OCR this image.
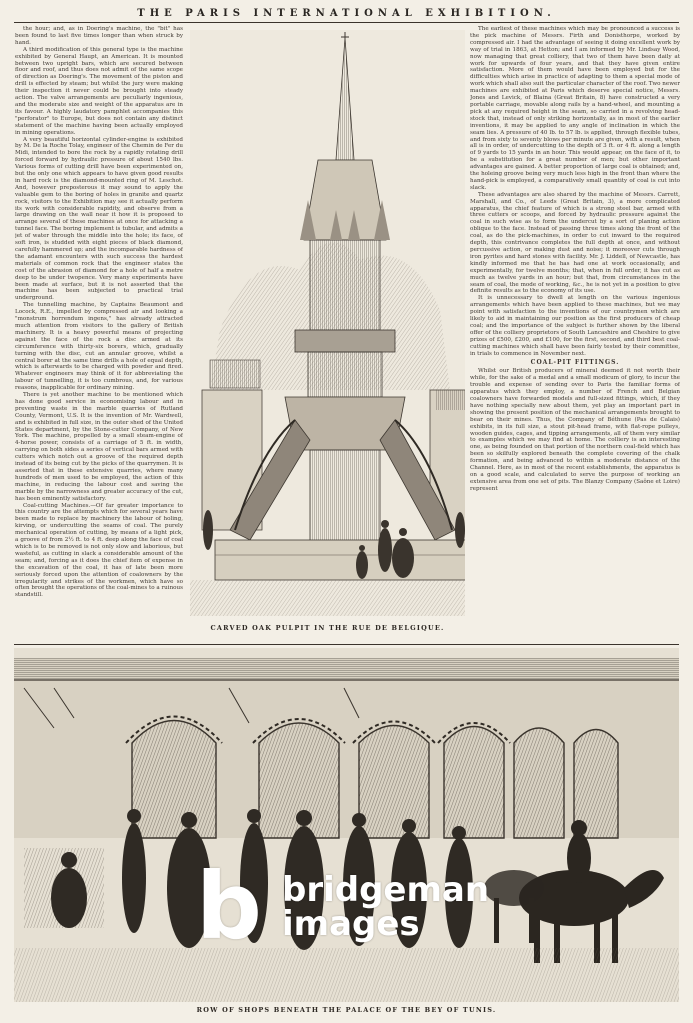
THE PARIS INTERNATIONAL EXHIBITION.

the hour; and, as in Doering's machine, the "bit" has been found to last five times longer than when struck by hand.

A third modification of this general type is the machine exhibited by General Haupt, an American. It is mounted between two upright bars, which are secured between floor and roof, and thus does not admit of the same scope of direction as Doering's. The movement of the piston and drill is effected by steam; but whilst the jury were making their inspection it never could be brought into steady action. The valve arrangements are peculiarly ingenious, and the moderate size and weight of the apparatus are in its favour. A highly laudatory pamphlet accompanies this "perforator" to Europe, but does not contain any distinct statement of the machine having been actually employed in mining operations.

A very beautiful horizontal cylinder-engine is exhibited by M. De la Roche Tolay, engineer of the Chemin de Fer du Midi, intended to bore the rock by a rapidly rotating drill forced forward by hydraulic pressure of about 1540 lbs. Various forms of cutting drill have been experimented on, but the only one which appears to have given good results in hard rock is the diamond-mounted ring of M. Leschot. And, however preposterous it may sound to apply the valuable gem to the boring of holes in granite and quartz rock, visitors to the Exhibition may see it actually perform its work with considerable rapidity, and observe from a large drawing on the wall near it how it is proposed to arrange several of these machines at once for attacking a tunnel face. The boring implement is tubular, and admits a jet of water through the middle into the hole; its face, of soft iron, is studded with eight pieces of black diamond, carefully hammered up; and the incomparable hardness of the adamant encounters with such success the hardest materials of common rock that the engineer states the cost of the abrasion of diamond for a hole of half a metre deep to be under twopence. Very many experiments have been made at surface, but it is not asserted that the machine has been subjected to practical trial underground.

The tunnelling machine, by Captains Beaumont and Locock, R.E., impelled by compressed air and looking a "monstrum horrendum ingens," has already attracted much attention from visitors to the gallery of British machinery. It is a heavy powerful means of projecting against the face of the rock a disc armed at its circumference with thirty-six borers, which, gradually turning with the disc, cut an annular groove, whilst a central borer at the same time drills a hole of equal depth, which is afterwards to be charged with powder and fired. Whatever engineers may think of it for abbreviating the labour of tunnelling, it is too cumbrous, and, for various reasons, inapplicable for ordinary mining.

There is yet another machine to be mentioned which has done good service in economising labour and in preventing waste in the marble quarries of Rutland County, Vermont, U.S. It is the invention of Mr. Wardwell, and is exhibited in full size, in the outer shed of the United States department, by the Stone-cutter Company, of New York. The machine, propelled by a small steam-engine of 4-horse power, consists of a carriage of 5 ft. in width, carrying on both sides a series of vertical bars armed with cutters which notch out a groove of the required depth instead of its being cut by the picks of the quarrymen. It is asserted that in these extensive quarries, where many hundreds of men used to be employed, the action of this machine, in reducing the labour cost and saving the marble by the narrowness and greater accuracy of the cut, has been eminently satisfactory.

Coal-cutting Machines.—Of far greater importance to this country are the attempts which for several years have been made to replace by machinery the labour of holing, kirving, or undercutting the seams of coal. The purely mechanical operation of cutting, by means of a light pick, a groove of from 2½ ft. to 4 ft. deep along the face of coal which is to be removed is not only slow and laborious, but wasteful, as cutting in slack a considerable amount of the seam; and, forcing as it does the chief item of expense in the excavation of the coal, it has of late been more seriously forced upon the attention of coalowners by the irregularity and strikes of the workmen, which have so often brought the operations of the coal-mines to a ruinous standstill.

The earliest of these machines which may be pronounced a success is the pick machine of Messrs. Firth and Donisthorpe, worked by compressed air. I had the advantage of seeing it doing excellent work by way of trial in 1863, at Hetton; and I am informed by Mr. Lindsay Wood, now managing that great colliery, that two of them have been daily at work for upwards of four years, and that they have given entire satisfaction. More of them would have been employed but for the difficulties which arise in practice of adapting to them a special mode of work which shall also suit the particular character of the roof. Two newer machines are exhibited at Paris which deserve special notice, Messrs. Jones and Levick, of Blaina (Great Britain, 8) have constructed a very portable carriage, movable along rails by a hand-wheel, and mounting a pick at any required height in the seam, so carried in a revolving head-stock that, instead of only striking horizontally, as in most of the earlier inventions, it may be applied to any angle of inclination in which the seam lies. A pressure of 40 lb. to 57 lb. is applied, through flexible tubes, and from sixty to seventy blows per minute are given, with a result, when all is in order, of undercutting to the depth of 3 ft. or 4 ft. along a length of 9 yards to 15 yards in an hour. This would appear, on the face of it, to be a substitution for a great number of men; but other important advantages are gained. A better proportion of large coal is obtained; and, the holeing groove being very much less high in the front than where the hand-pick is employed, a comparatively small quantity of coal is cut into slack.

These advantages are also shared by the machine of Messrs. Carrett, Marshall, and Co., of Leeds (Great Britain, 3), a more complicated apparatus, the chief feature of which is a strong steel bar, armed with three cutters or scoops, and forced by hydraulic pressure against the coal in such wise as to form the undercut by a sort of planing action oblique to the face. Instead of passing three times along the front of the coal, as do the pick-machines, in order to cut inward to the required depth, this contrivance completes the full depth at once, and without percussive action, or making dust and noise; it moreover cuts through iron pyrites and hard stones with facility. Mr. J. Liddell, of Newcastle, has kindly informed me that he has had one at work occasionally, and experimentally, for twelve months; that, when in full order, it has cut as much as twelve yards in an hour; but that, from circumstances in the seam of coal, the mode of working, &c., he is not yet in a position to give definite results as to the economy of its use.

It is unnecessary to dwell at length on the various ingenious arrangements which have been applied to these machines, but we may point with satisfaction to the inventions of our countrymen which are likely to aid in maintaining our position as the first producers of cheap coal; and the importance of the subject is further shown by the liberal offer of the colliery proprietors of South Lancashire and Cheshire to give prizes of £500, £200, and £100, for the first, second, and third best coal-cutting machines which shall have been fairly tested by their committee, in trials to commence in November next.

COAL-PIT FITTINGS.

Whilst our British producers of mineral deemed it not worth their while, for the sake of a medal and a small modicum of glory, to incur the trouble and expense of sending over to Paris the familiar forms of apparatus which they employ, a number of French and Belgian coalowners have forwarded models and full-sized fittings, which, if they have nothing specially new about them, yet play an important part in showing the present position of the mechanical arrangements brought to bear on their mines. Thus, the Company of Béthune (Pas de Calais) exhibits, in its full size, a stout pit-head frame, with flat-rope pulleys, wooden guides, cages, and tipping arrangements, all of them very similar to examples which we may find at home. The colliery is an interesting one, as being founded on that portion of the northern coal-field which has been so skilfully explored beneath the complete covering of the chalk formation, and being advanced to within a moderate distance of the Channel. Here, as in most of the recent establishments, the apparatus is on a good scale, and calculated to serve the purpose of working an extensive area from one set of pits. The Blanzy Company (Saône et Loire) represent

CARVED OAK PULPIT IN THE RUE DE BELGIQUE.
ROW OF SHOPS BENEATH THE PALACE OF THE BEY OF TUNIS.
b bridgeman
images
